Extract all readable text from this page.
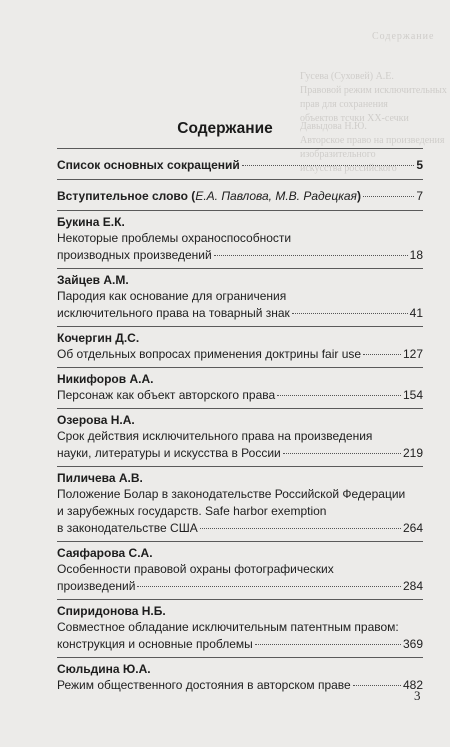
Содержание
Гусева (Суховей) А.Е.
Правовой режим исключительных прав для сохранения
объектов тсчки ХХ-сечки
Давыдова Н.Ю.
Авторское право на произведения изобразительного
искусства российского
Содержание
Список основных сокращений	5
Вступительное слово (Е.А. Павлова, М.В. Радецкая)	7
Букина Е.К.
Некоторые проблемы охраноспособности
производных произведений	18
Зайцев А.М.
Пародия как основание для ограничения
исключительного права на товарный знак	41
Кочергин Д.С.
Об отдельных вопросах применения доктрины fair use	127
Никифоров А.А.
Персонаж как объект авторского права	154
Озерова Н.А.
Срок действия исключительного права на произведения
науки, литературы и искусства в России	219
Пиличева А.В.
Положение Болар в законодательстве Российской Федерации
и зарубежных государств. Safe harbor exemption
в законодательстве США	264
Саяфарова С.А.
Особенности правовой охраны фотографических
произведений	284
Спиридонова Н.Б.
Совместное обладание исключительным патентным правом:
конструкция и основные проблемы	369
Сюльдина Ю.А.
Режим общественного достояния в авторском праве	482
3
